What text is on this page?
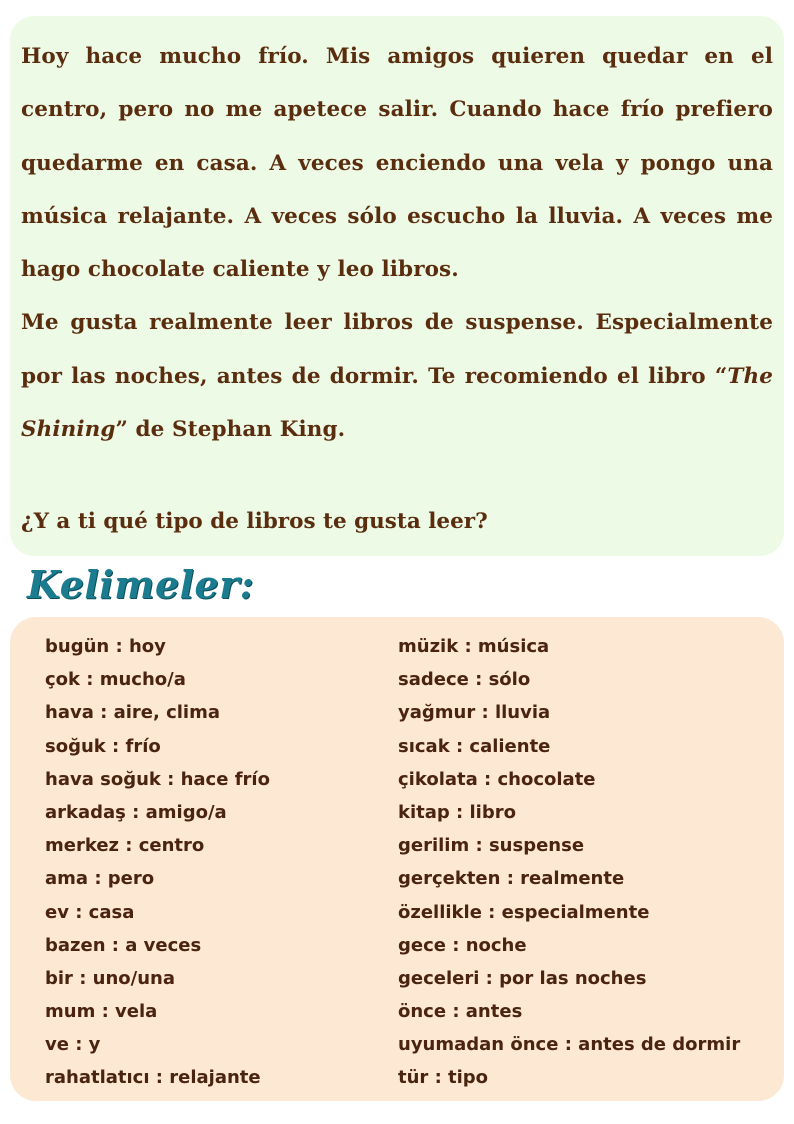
Hoy hace mucho frío. Mis amigos quieren quedar en el centro, pero no me apetece salir. Cuando hace frío prefiero quedarme en casa. A veces enciendo una vela y pongo una música relajante. A veces sólo escucho la lluvia. A veces me hago chocolate caliente y leo libros.

Me gusta realmente leer libros de suspense. Especialmente por las noches, antes de dormir. Te recomiendo el libro “The Shining” de Stephan King.

¿Y a ti qué tipo de libros te gusta leer?

Kelimeler:
bugün : hoy
çok : mucho/a
hava : aire, clima
soğuk : frío
hava soğuk : hace frío
arkadaş : amigo/a
merkez : centro
ama : pero
ev : casa
bazen : a veces
bir : uno/una
mum : vela
ve : y
rahatlatıcı : relajante
müzik : música
sadece : sólo
yağmur : lluvia
sıcak : caliente
çikolata : chocolate
kitap : libro
gerilim : suspense
gerçekten : realmente
özellikle : especialmente
gece : noche
geceleri : por las noches
önce : antes
uyumadan önce : antes de dormir
tür : tipo
